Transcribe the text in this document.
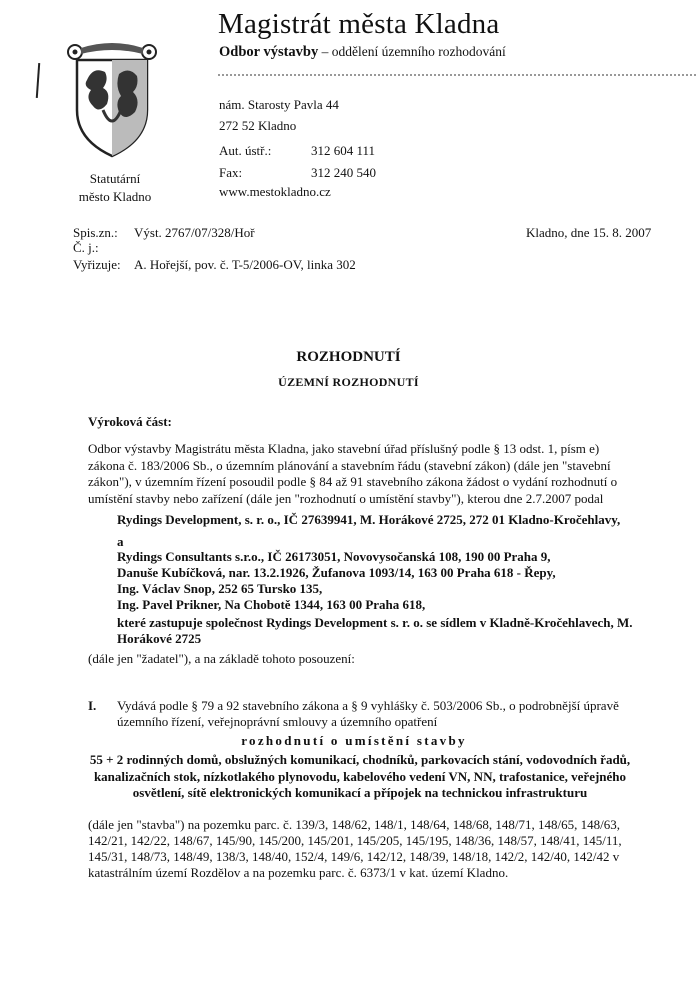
Magistrát města Kladna
Odbor výstavby – oddělení územního rozhodování
nám. Starosty Pavla 44
272 52 Kladno
Aut. ústř.:	312 604 111
Fax:	312 240 540
www.mestokladno.cz
Statutární
město Kladno
Spis.zn.: Výst. 2767/07/328/Hoř
Č. j.:
Vyřizuje: A. Hořejší, pov. č. T-5/2006-OV, linka 302
Kladno, dne 15. 8. 2007
ROZHODNUTÍ
ÚZEMNÍ ROZHODNUTÍ
Výroková část:
Odbor výstavby Magistrátu města Kladna, jako stavební úřad příslušný podle § 13 odst. 1, písm e)
zákona č. 183/2006 Sb., o územním plánování a stavebním řádu (stavební zákon) (dále jen "stavební
zákon"), v územním řízení posoudil podle § 84 až 91 stavebního zákona žádost o vydání rozhodnutí o
umístění stavby nebo zařízení (dále jen "rozhodnutí o umístění stavby"), kterou dne 2.7.2007 podal
Rydings Development, s. r. o., IČ 27639941, M. Horákové 2725, 272 01 Kladno-Kročehlavy,
a
Rydings Consultants s.r.o., IČ 26173051, Novovysočanská 108, 190 00 Praha 9,
Danuše Kubíčková, nar. 13.2.1926, Žufanova 1093/14, 163 00 Praha 618 - Řepy,
Ing. Václav Snop, 252 65 Tursko 135,
Ing. Pavel Prikner, Na Chobotě 1344, 163 00 Praha 618,
které zastupuje společnost Rydings Development s. r. o. se sídlem v Kladně-Kročehlavech, M.
Horákové 2725
(dále jen "žadatel"), a na základě tohoto posouzení:
I. Vydává podle § 79 a 92 stavebního zákona a § 9 vyhlášky č. 503/2006 Sb., o podrobnější úpravě
územního řízení, veřejnoprávní smlouvy a územního opatření
rozhodnutí o umístění stavby
55 + 2 rodinných domů, obslužných komunikací, chodníků, parkovacích stání, vodovodních řadů,
kanalizačních stok, nízkotlakého plynovodu, kabelového vedení VN, NN, trafostanice, veřejného
osvětlení, sítě elektronických komunikací a přípojek na technickou infrastrukturu
(dále jen "stavba") na pozemku parc. č. 139/3, 148/62, 148/1, 148/64, 148/68, 148/71, 148/65, 148/63,
142/21, 142/22, 148/67, 145/90, 145/200, 145/201, 145/205, 145/195, 148/36, 148/57, 148/41, 145/11,
145/31, 148/73, 148/49, 138/3, 148/40, 152/4, 149/6, 142/12, 148/39, 148/18, 142/2, 142/40, 142/42 v
katastrálním území Rozdělov a na pozemku parc. č. 6373/1 v kat. území Kladno.
